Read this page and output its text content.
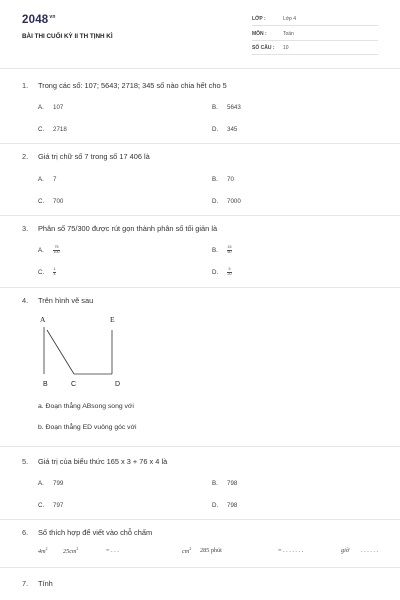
$2048^{vn}$
BÀI THI CUỐI KỲ II TH TỊNH KÌ
LỚP :	Lớp 4
MÔN :	Toán
SỐ CÂU : 10
1. Trong các số: 107; 5643; 2718; 345 số nào chia hết cho 5
A. 107	B. 5643
C. 2718	D. 345
2. Giá trị chữ số 7 trong số 17 406 là
A. 7	B. 70
C. 700	D. 7000
3. Phân số 75/300 được rút gọn thành phân số tối giản là
A.	$\frac{75}{100}$	B.	$\frac{15}{60}$
C. $\frac{1}{4}$	D. $\frac{5}{20}$
4. Trên hình vẽ sau
A	E
B	C	D
a. Đoạn thẳng ABsong song với
b. Đoạn thẳng ED vuông góc với
5. Giá trị của biểu thức 165 x 3 + 76 x 4 là
A. 799	B. 798
C. 797	D. 798
6. Số thích hợp để viết vào chỗ chấm
$4m^2$	$25cm^2$	= . . .	$cm^2$ 285 phút	= . . . . . . .	giờ . . . . . .
7. Tính
